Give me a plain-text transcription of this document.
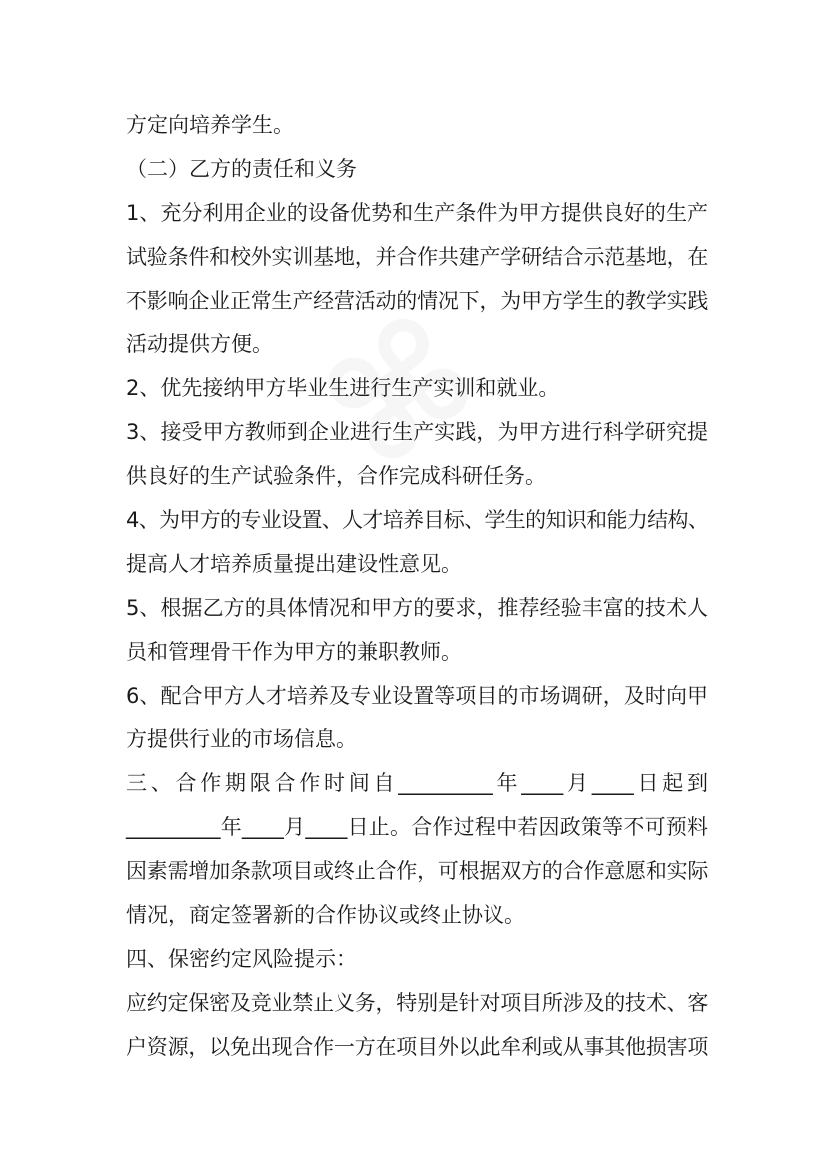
方定向培养学生。
（二）乙方的责任和义务
1、充分利用企业的设备优势和生产条件为甲方提供良好的生产
试验条件和校外实训基地，并合作共建产学研结合示范基地，在
不影响企业正常生产经营活动的情况下，为甲方学生的教学实践
活动提供方便。
2、优先接纳甲方毕业生进行生产实训和就业。
3、接受甲方教师到企业进行生产实践，为甲方进行科学研究提
供良好的生产试验条件，合作完成科研任务。
4、为甲方的专业设置、人才培养目标、学生的知识和能力结构、
提高人才培养质量提出建设性意见。
5、根据乙方的具体情况和甲方的要求，推荐经验丰富的技术人
员和管理骨干作为甲方的兼职教师。
6、配合甲方人才培养及专业设置等项目的市场调研，及时向甲
方提供行业的市场信息。
三、合作期限合作时间自_________年____月____日起到
_________年____月____日止。合作过程中若因政策等不可预料
因素需增加条款项目或终止合作，可根据双方的合作意愿和实际
情况，商定签署新的合作协议或终止协议。
四、保密约定风险提示：
应约定保密及竞业禁止义务，特别是针对项目所涉及的技术、客
户资源，以免出现合作一方在项目外以此牟利或从事其他损害项
